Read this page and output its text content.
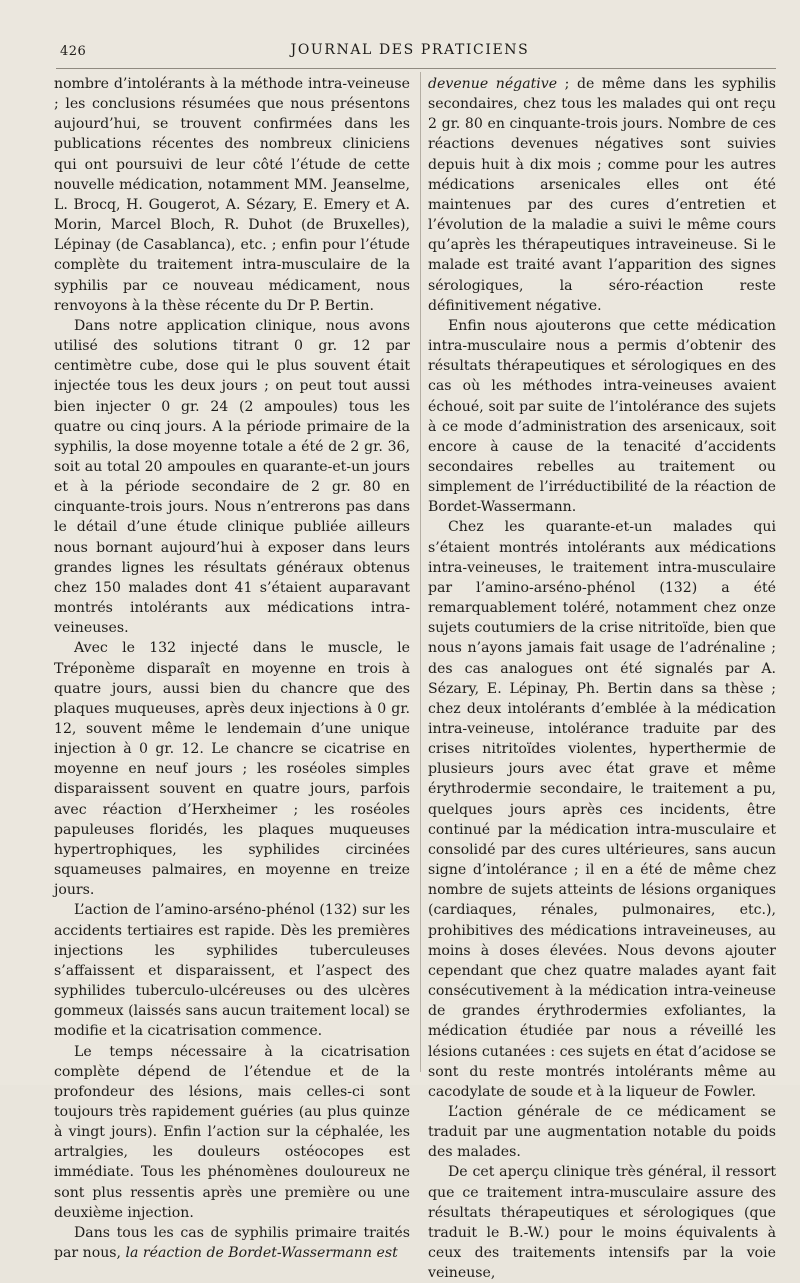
426	JOURNAL DES PRATICIENS

nombre d’intolérants à la méthode intra-veineuse ; les conclusions résumées que nous présentons aujourd’hui, se trouvent confirmées dans les publications récentes des nombreux cliniciens qui ont poursuivi de leur côté l’étude de cette nouvelle médication, notamment MM. Jeanselme, L. Brocq, H. Gougerot, A. Sézary, E. Emery et A. Morin, Marcel Bloch, R. Duhot (de Bruxelles), Lépinay (de Casablanca), etc. ; enfin pour l’étude complète du traitement intra-musculaire de la syphilis par ce nouveau médicament, nous renvoyons à la thèse récente du Dr P. Bertin.

Dans notre application clinique, nous avons utilisé des solutions titrant 0 gr. 12 par centimètre cube, dose qui le plus souvent était injectée tous les deux jours ; on peut tout aussi bien injecter 0 gr. 24 (2 ampoules) tous les quatre ou cinq jours. A la période primaire de la syphilis, la dose moyenne totale a été de 2 gr. 36, soit au total 20 ampoules en quarante-et-un jours et à la période secondaire de 2 gr. 80 en cinquante-trois jours. Nous n’entrerons pas dans le détail d’une étude clinique publiée ailleurs nous bornant aujourd’hui à exposer dans leurs grandes lignes les résultats généraux obtenus chez 150 malades dont 41 s’étaient auparavant montrés intolérants aux médications intra-veineuses.

Avec le 132 injecté dans le muscle, le Tréponème disparaît en moyenne en trois à quatre jours, aussi bien du chancre que des plaques muqueuses, après deux injections à 0 gr. 12, souvent même le lendemain d’une unique injection à 0 gr. 12. Le chancre se cicatrise en moyenne en neuf jours ; les roséoles simples disparaissent souvent en quatre jours, parfois avec réaction d’Herxheimer ; les roséoles papuleuses floridés, les plaques muqueuses hypertrophiques, les syphilides circinées squameuses palmaires, en moyenne en treize jours.

L’action de l’amino-arséno-phénol (132) sur les accidents tertiaires est rapide. Dès les premières injections les syphilides tuberculeuses s’affaissent et disparaissent, et l’aspect des syphilides tuberculo-ulcéreuses ou des ulcères gommeux (laissés sans aucun traitement local) se modifie et la cicatrisation commence.

Le temps nécessaire à la cicatrisation complète dépend de l’étendue et de la profondeur des lésions, mais celles-ci sont toujours très rapidement guéries (au plus quinze à vingt jours). Enfin l’action sur la céphalée, les artralgies, les douleurs ostéocopes est immédiate. Tous les phénomènes douloureux ne sont plus ressentis après une première ou une deuxième injection.

Dans tous les cas de syphilis primaire traités par nous, la réaction de Bordet-Wassermann est

devenue négative ; de même dans les syphilis secondaires, chez tous les malades qui ont reçu 2 gr. 80 en cinquante-trois jours. Nombre de ces réactions devenues négatives sont suivies depuis huit à dix mois ; comme pour les autres médications arsenicales elles ont été maintenues par des cures d’entretien et l’évolution de la maladie a suivi le même cours qu’après les thérapeutiques intraveineuse. Si le malade est traité avant l’apparition des signes sérologiques, la séro-réaction reste définitivement négative.

Enfin nous ajouterons que cette médication intra-musculaire nous a permis d’obtenir des résultats thérapeutiques et sérologiques en des cas où les méthodes intra-veineuses avaient échoué, soit par suite de l’intolérance des sujets à ce mode d’administration des arsenicaux, soit encore à cause de la tenacité d’accidents secondaires rebelles au traitement ou simplement de l’irréductibilité de la réaction de Bordet-Wassermann.

Chez les quarante-et-un malades qui s’étaient montrés intolérants aux médications intra-veineuses, le traitement intra-musculaire par l’amino-arséno-phénol (132) a été remarquablement toléré, notamment chez onze sujets coutumiers de la crise nitritoïde, bien que nous n’ayons jamais fait usage de l’adrénaline ; des cas analogues ont été signalés par A. Sézary, E. Lépinay, Ph. Bertin dans sa thèse ; chez deux intolérants d’emblée à la médication intra-veineuse, intolérance traduite par des crises nitritoïdes violentes, hyperthermie de plusieurs jours avec état grave et même érythrodermie secondaire, le traitement a pu, quelques jours après ces incidents, être continué par la médication intra-musculaire et consolidé par des cures ultérieures, sans aucun signe d’intolérance ; il en a été de même chez nombre de sujets atteints de lésions organiques (cardiaques, rénales, pulmonaires, etc.), prohibitives des médications intraveineuses, au moins à doses élevées. Nous devons ajouter cependant que chez quatre malades ayant fait consécutivement à la médication intra-veineuse de grandes érythrodermies exfoliantes, la médication étudiée par nous a réveillé les lésions cutanées : ces sujets en état d’acidose se sont du reste montrés intolérants même au cacodylate de soude et à la liqueur de Fowler.

L’action générale de ce médicament se traduit par une augmentation notable du poids des malades.

De cet aperçu clinique très général, il ressort que ce traitement intra-musculaire assure des résultats thérapeutiques et sérologiques (que traduit le B.-W.) pour le moins équivalents à ceux des traitements intensifs par la voie veineuse,
